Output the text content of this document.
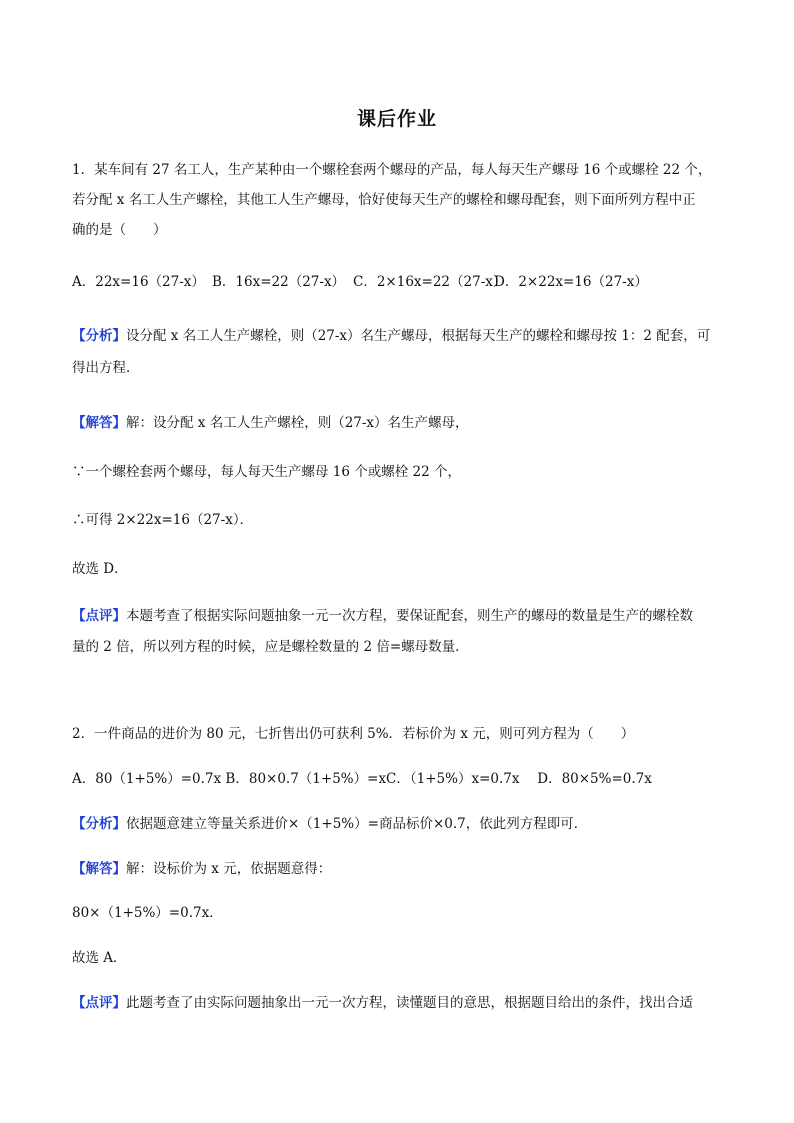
课后作业
1．某车间有 27 名工人，生产某种由一个螺栓套两个螺母的产品，每人每天生产螺母 16 个或螺栓 22 个，
若分配 x 名工人生产螺栓，其他工人生产螺母，恰好使每天生产的螺栓和螺母配套，则下面所列方程中正
确的是（　　）
A．22x=16（27-x） B．16x=22（27-x） C．2×16x=22（27-x）D．2×22x=16（27-x）
【分析】设分配 x 名工人生产螺栓，则（27-x）名生产螺母，根据每天生产的螺栓和螺母按 1：2 配套，可
得出方程．
【解答】解：设分配 x 名工人生产螺栓，则（27-x）名生产螺母，
∵一个螺栓套两个螺母，每人每天生产螺母 16 个或螺栓 22 个，
∴可得 2×22x=16（27-x）．
故选 D．
【点评】本题考查了根据实际问题抽象一元一次方程，要保证配套，则生产的螺母的数量是生产的螺栓数
量的 2 倍，所以列方程的时候，应是螺栓数量的 2 倍=螺母数量．
2．一件商品的进价为 80 元，七折售出仍可获利 5%．若标价为 x 元，则可列方程为（　　）
A．80（1+5%）=0.7x B．80×0.7（1+5%）=xC．（1+5%）x=0.7x　 D．80×5%=0.7x
【分析】依据题意建立等量关系进价×（1+5%）=商品标价×0.7，依此列方程即可．
【解答】解：设标价为 x 元，依据题意得：
80×（1+5%）=0.7x．
故选 A．
【点评】此题考查了由实际问题抽象出一元一次方程，读懂题目的意思，根据题目给出的条件，找出合适
